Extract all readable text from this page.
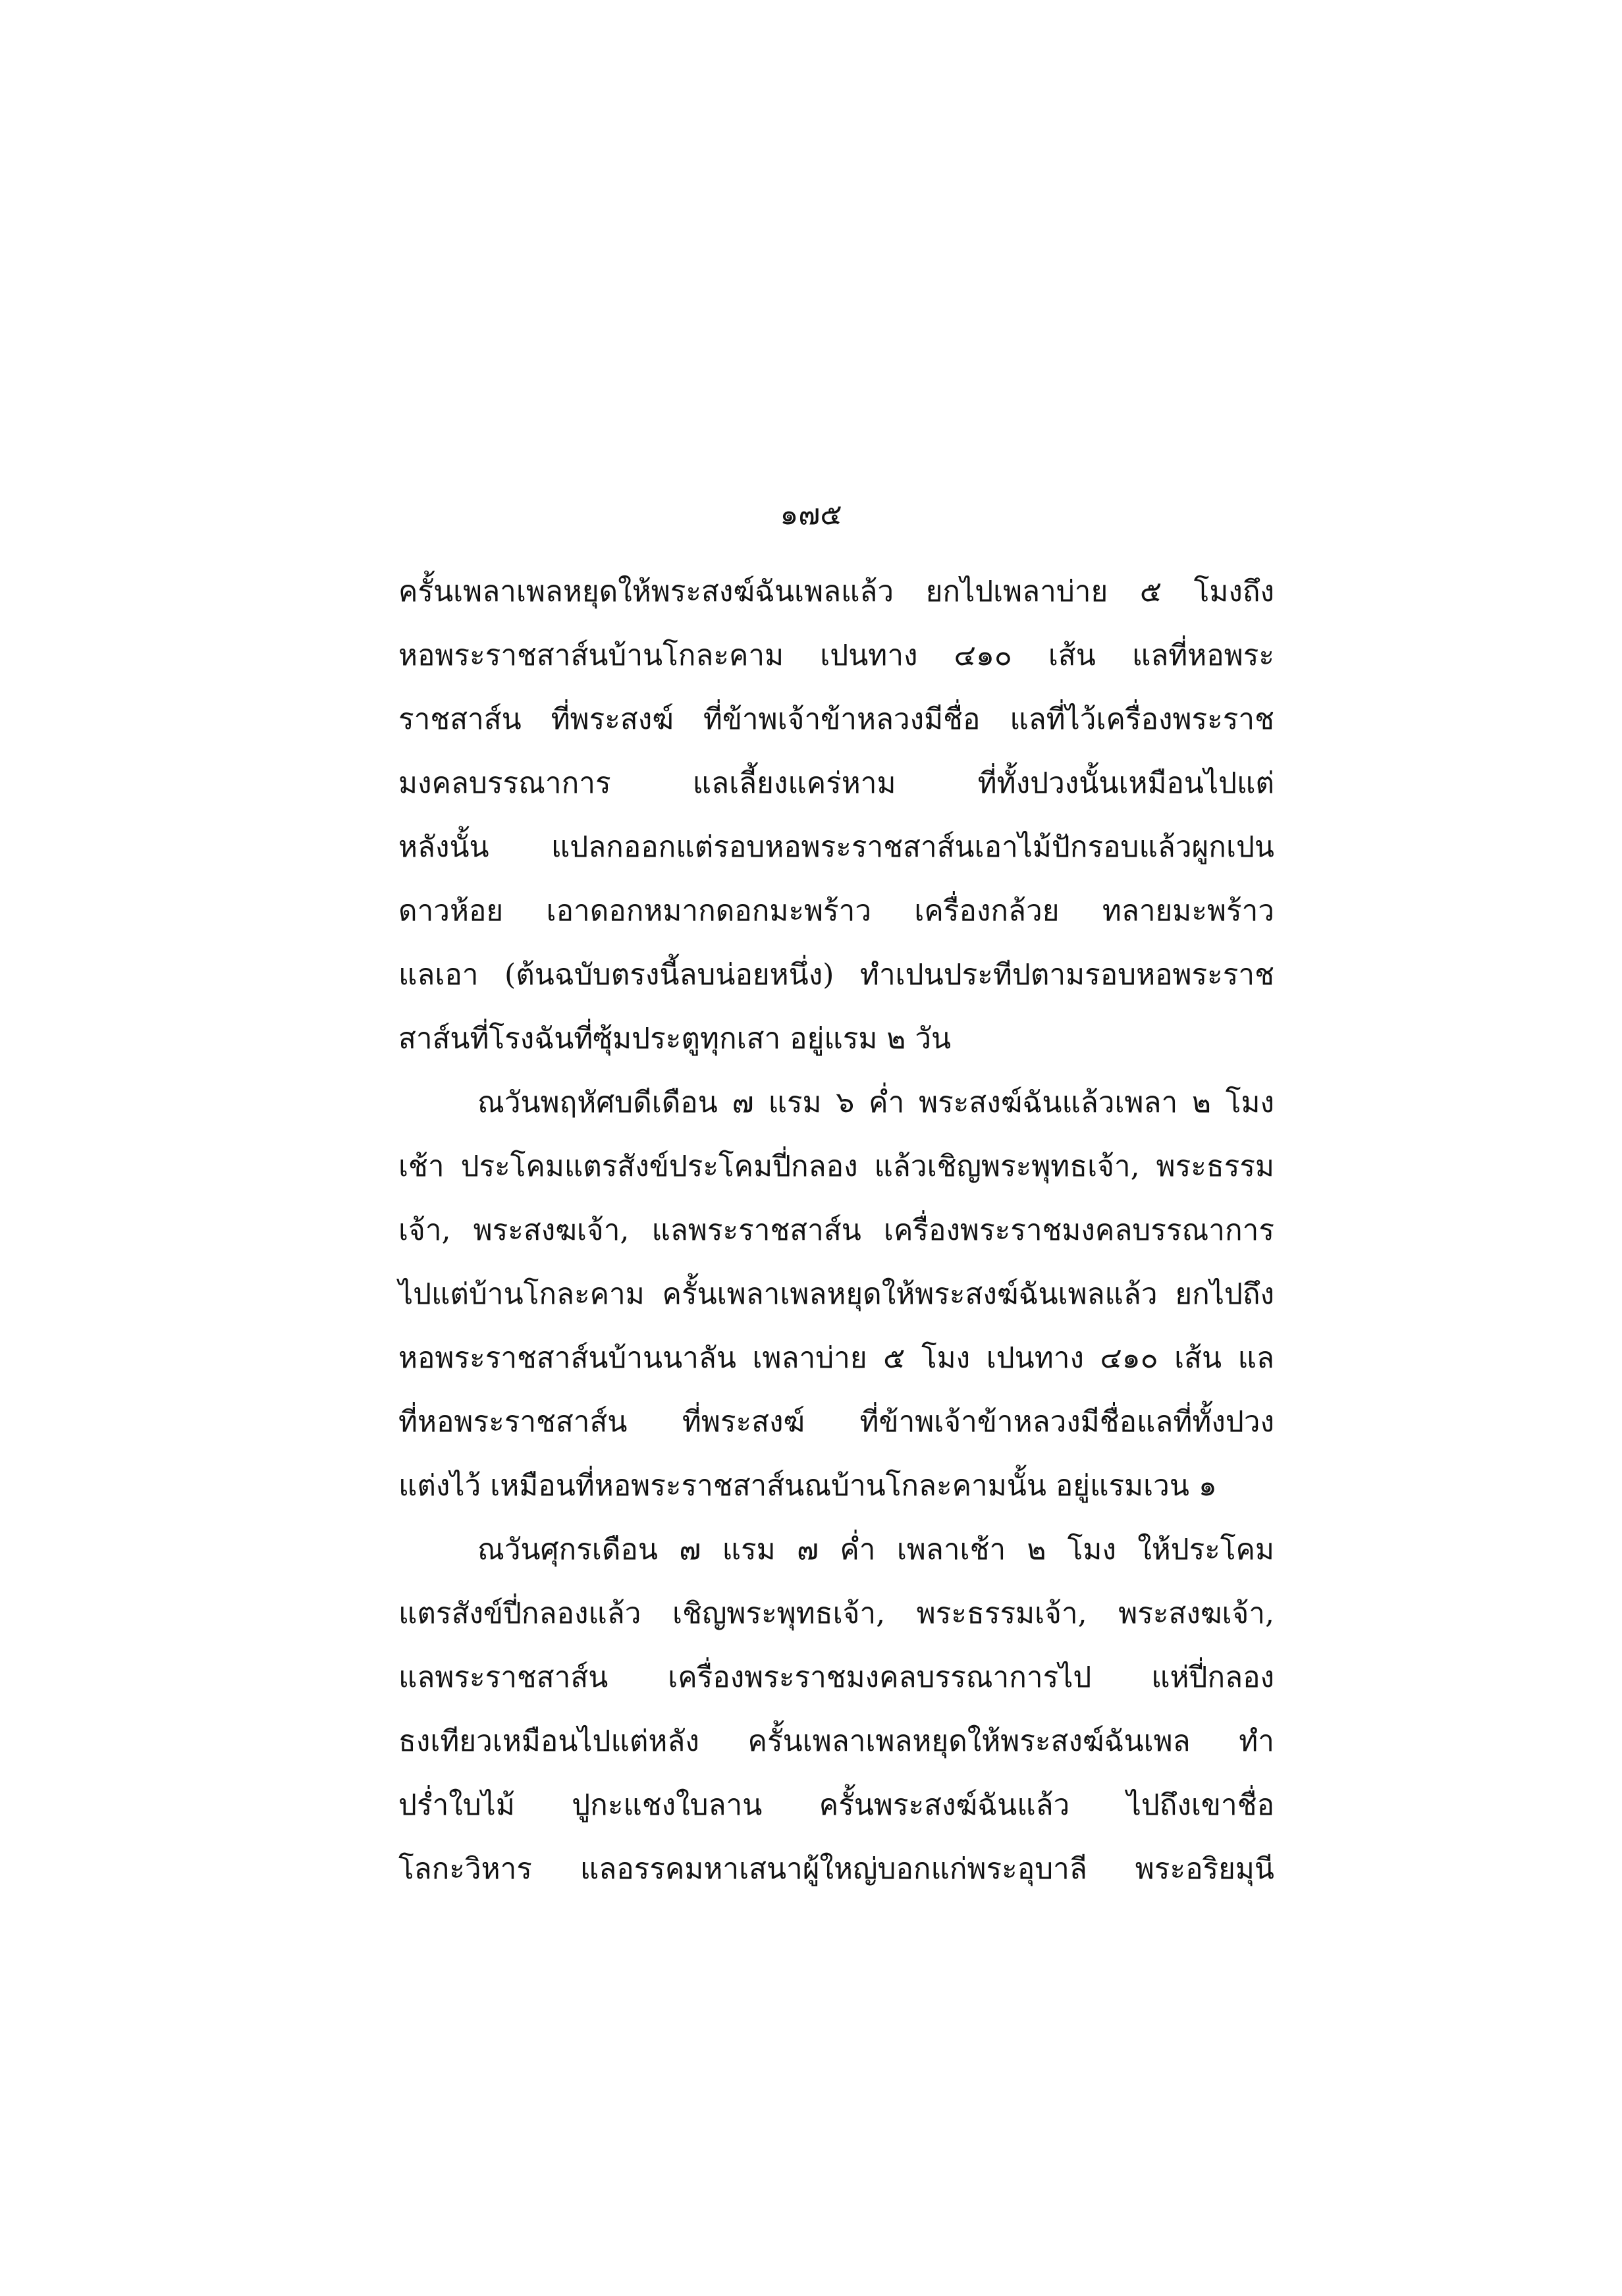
๑๗๕
ครั้นเพลาเพลหยุดให้พระสงฆ์ฉันเพลแล้ว ยกไปเพลาบ่าย ๕ โมงถึง
หอพระราชสาส์นบ้านโกละคาม เปนทาง ๔๑๐ เส้น แลที่หอพระ
ราชสาส์น ที่พระสงฆ์ ที่ข้าพเจ้าข้าหลวงมีชื่อ แลที่ไว้เครื่องพระราช
มงคลบรรณาการ แลเลี้ยงแคร่หาม ที่ทั้งปวงนั้นเหมือนไปแต่
หลังนั้น แปลกออกแต่รอบหอพระราชสาส์นเอาไม้ปักรอบแล้วผูกเปน
ดาวห้อย เอาดอกหมากดอกมะพร้าว เครื่องกล้วย ทลายมะพร้าว
แลเอา (ต้นฉบับตรงนี้ลบน่อยหนึ่ง) ทำเปนประทีปตามรอบหอพระราช
สาส์นที่โรงฉันที่ซุ้มประตูทุกเสา อยู่แรม ๒ วัน
ณวันพฤหัศบดีเดือน ๗ แรม ๖ ค่ำ พระสงฆ์ฉันแล้วเพลา ๒ โมง
เช้า ประโคมแตรสังข์ประโคมปี่กลอง แล้วเชิญพระพุทธเจ้า, พระธรรม
เจ้า, พระสงฆเจ้า, แลพระราชสาส์น เครื่องพระราชมงคลบรรณาการ
ไปแต่บ้านโกละคาม ครั้นเพลาเพลหยุดให้พระสงฆ์ฉันเพลแล้ว ยกไปถึง
หอพระราชสาส์นบ้านนาลัน เพลาบ่าย ๕ โมง เปนทาง ๔๑๐ เส้น แล
ที่หอพระราชสาส์น ที่พระสงฆ์ ที่ข้าพเจ้าข้าหลวงมีชื่อแลที่ทั้งปวง
แต่งไว้ เหมือนที่หอพระราชสาส์นณบ้านโกละคามนั้น อยู่แรมเวน ๑
ณวันศุกรเดือน ๗ แรม ๗ ค่ำ เพลาเช้า ๒ โมง ให้ประโคม
แตรสังข์ปี่กลองแล้ว เชิญพระพุทธเจ้า, พระธรรมเจ้า, พระสงฆเจ้า,
แลพระราชสาส์น เครื่องพระราชมงคลบรรณาการไป แห่ปี่กลอง
ธงเทียวเหมือนไปแต่หลัง ครั้นเพลาเพลหยุดให้พระสงฆ์ฉันเพล ทำ
ปร่ำใบไม้ ปูกะแชงใบลาน ครั้นพระสงฆ์ฉันแล้ว ไปถึงเขาชื่อ
โลกะวิหาร แลอรรคมหาเสนาผู้ใหญ่บอกแก่พระอุบาลี พระอริยมุนี
